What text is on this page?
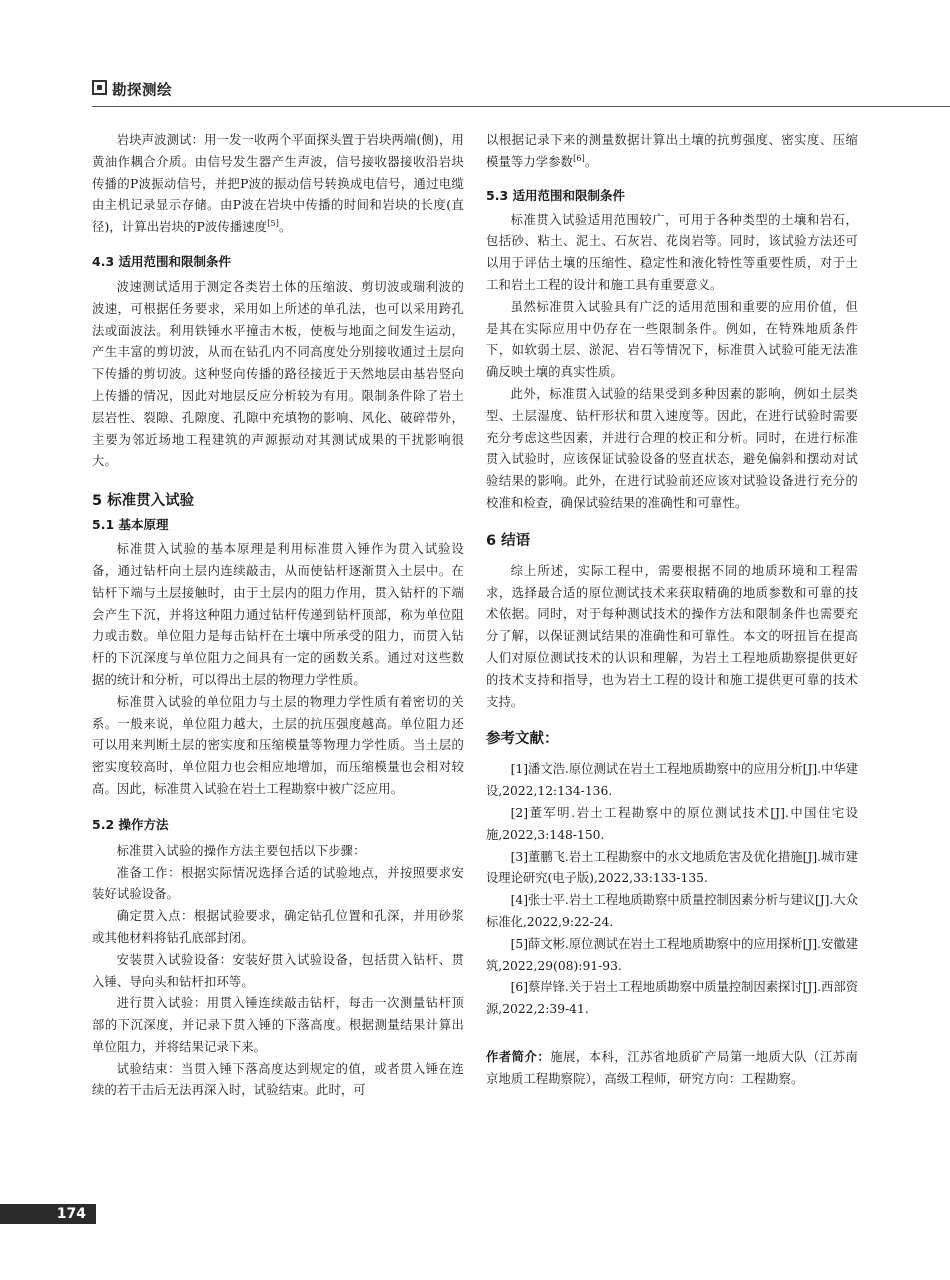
勘探测绘

岩块声波测试：用一发一收两个平面探头置于岩块两端(侧)，用黄油作耦合介质。由信号发生器产生声波，信号接收器接收沿岩块传播的P波振动信号，并把P波的振动信号转换成电信号，通过电缆由主机记录显示存储。由P波在岩块中传播的时间和岩块的长度(直径)，计算出岩块的P波传播速度[5]。

4.3 适用范围和限制条件

波速测试适用于测定各类岩土体的压缩波、剪切波或瑞利波的波速，可根据任务要求，采用如上所述的单孔法，也可以采用跨孔法或面波法。利用铁锤水平撞击木板，使板与地面之间发生运动，产生丰富的剪切波，从而在钻孔内不同高度处分别接收通过土层向下传播的剪切波。这种竖向传播的路径接近于天然地层由基岩竖向上传播的情况，因此对地层反应分析较为有用。限制条件除了岩土层岩性、裂隙、孔隙度、孔隙中充填物的影响、风化、破碎带外，主要为邻近场地工程建筑的声源振动对其测试成果的干扰影响很大。

5 标准贯入试验
5.1 基本原理

标准贯入试验的基本原理是利用标准贯入锤作为贯入试验设备，通过钻杆向土层内连续敲击，从而使钻杆逐渐贯入土层中。在钻杆下端与土层接触时，由于土层内的阻力作用，贯入钻杆的下端会产生下沉，并将这种阻力通过钻杆传递到钻杆顶部，称为单位阻力或击数。单位阻力是每击钻杆在土壤中所承受的阻力，而贯入钻杆的下沉深度与单位阻力之间具有一定的函数关系。通过对这些数据的统计和分析，可以得出土层的物理力学性质。

标准贯入试验的单位阻力与土层的物理力学性质有着密切的关系。一般来说，单位阻力越大，土层的抗压强度越高。单位阻力还可以用来判断土层的密实度和压缩模量等物理力学性质。当土层的密实度较高时，单位阻力也会相应地增加，而压缩模量也会相对较高。因此，标准贯入试验在岩土工程勘察中被广泛应用。

5.2 操作方法

标准贯入试验的操作方法主要包括以下步骤：

准备工作：根据实际情况选择合适的试验地点，并按照要求安装好试验设备。

确定贯入点：根据试验要求，确定钻孔位置和孔深，并用砂浆或其他材料将钻孔底部封闭。

安装贯入试验设备：安装好贯入试验设备，包括贯入钻杆、贯入锤、导向头和钻杆扣环等。

进行贯入试验：用贯入锤连续敲击钻杆，每击一次测量钻杆顶部的下沉深度，并记录下贯入锤的下落高度。根据测量结果计算出单位阻力，并将结果记录下来。

试验结束：当贯入锤下落高度达到规定的值，或者贯入锤在连续的若干击后无法再深入时，试验结束。此时，可

以根据记录下来的测量数据计算出土壤的抗剪强度、密实度、压缩模量等力学参数[6]。

5.3 适用范围和限制条件

标准贯入试验适用范围较广，可用于各种类型的土壤和岩石，包括砂、粘土、泥土、石灰岩、花岗岩等。同时，该试验方法还可以用于评估土壤的压缩性、稳定性和液化特性等重要性质，对于土工和岩土工程的设计和施工具有重要意义。

虽然标准贯入试验具有广泛的适用范围和重要的应用价值，但是其在实际应用中仍存在一些限制条件。例如，在特殊地质条件下，如软弱土层、淤泥、岩石等情况下，标准贯入试验可能无法准确反映土壤的真实性质。

此外，标准贯入试验的结果受到多种因素的影响，例如土层类型、土层湿度、钻杆形状和贯入速度等。因此，在进行试验时需要充分考虑这些因素，并进行合理的校正和分析。同时，在进行标准贯入试验时，应该保证试验设备的竖直状态，避免偏斜和摆动对试验结果的影响。此外，在进行试验前还应该对试验设备进行充分的校准和检查，确保试验结果的准确性和可靠性。

6 结语

综上所述，实际工程中，需要根据不同的地质环境和工程需求，选择最合适的原位测试技术来获取精确的地质参数和可靠的技术依据。同时，对于每种测试技术的操作方法和限制条件也需要充分了解，以保证测试结果的准确性和可靠性。本文的呀扭旨在提高人们对原位测试技术的认识和理解，为岩土工程地质勘察提供更好的技术支持和指导，也为岩土工程的设计和施工提供更可靠的技术支持。

参考文献：

[1]潘文浩.原位测试在岩土工程地质勘察中的应用分析[J].中华建设,2022,12:134-136.

[2]董军明.岩土工程勘察中的原位测试技术[J].中国住宅设施,2022,3:148-150.

[3]董鹏飞.岩土工程勘察中的水文地质危害及优化措施[J].城市建设理论研究(电子版),2022,33:133-135.

[4]张士平.岩土工程地质勘察中质量控制因素分析与建议[J].大众标准化,2022,9:22-24.

[5]薛文彬.原位测试在岩土工程地质勘察中的应用探析[J].安徽建筑,2022,29(08):91-93.

[6]蔡岸锋.关于岩土工程地质勘察中质量控制因素探讨[J].西部资源,2022,2:39-41.

作者简介：施展，本科，江苏省地质矿产局第一地质大队（江苏南京地质工程勘察院），高级工程师，研究方向：工程勘察。

174
